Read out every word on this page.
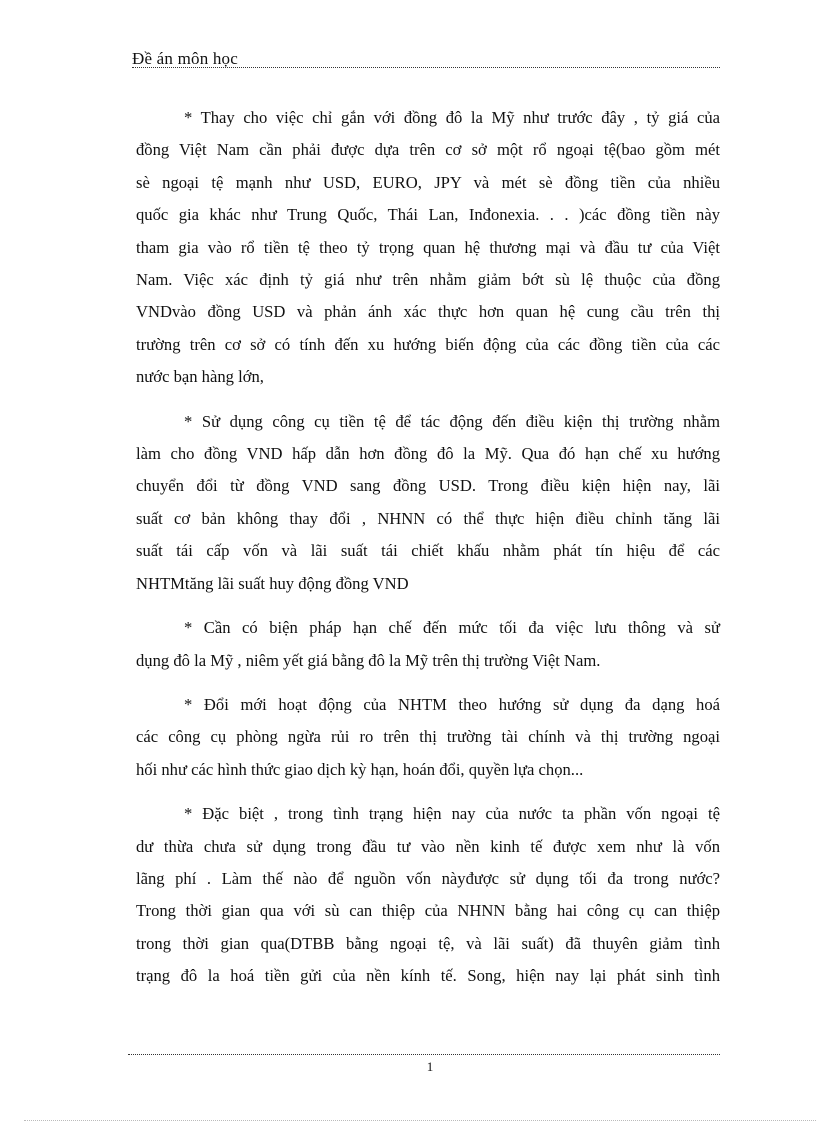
Đề án môn học

* Thay cho việc chỉ gắn với đồng đô la Mỹ như trước đây , tỷ giá của
đồng Việt Nam cần phải được dựa trên cơ sở một rổ ngoại tệ(bao gồm mét
sè ngoại tệ mạnh như USD, EURO, JPY và mét sè đồng tiền của nhiều
quốc gia khác như Trung Quốc, Thái Lan, Inđonexia. . . )các đồng tiền này
tham gia vào rổ tiền tệ theo tỷ trọng quan hệ thương mại và đầu tư của Việt
Nam. Việc xác định tỷ giá như trên nhằm giảm bớt sù lệ thuộc của đồng
VNDvào đồng USD và phản ánh xác thực hơn quan hệ cung cầu trên thị
trường trên cơ sở có tính đến xu hướng biến động của các đồng tiền của các
nước bạn hàng lớn,

* Sử dụng công cụ tiền tệ để tác động đến điều kiện thị trường nhằm
làm cho đồng VND hấp dẫn hơn đồng đô la Mỹ. Qua đó hạn chế xu hướng
chuyển đổi từ đồng VND sang đồng USD. Trong điều kiện hiện nay, lãi
suất cơ bản không thay đổi , NHNN có thể thực hiện điều chỉnh tăng lãi
suất tái cấp vốn và lãi suất tái chiết khấu nhằm phát tín hiệu để các
NHTMtăng lãi suất huy động đồng VND

* Cần có biện pháp hạn chế đến mức tối đa việc lưu thông và sử
dụng đô la Mỹ , niêm yết giá bằng đô la Mỹ trên thị trường Việt Nam.

* Đổi mới hoạt động của NHTM theo hướng sử dụng đa dạng hoá
các công cụ phòng ngừa rủi ro trên thị trường tài chính và thị trường ngoại
hối như các hình thức giao dịch kỳ hạn, hoán đổi, quyền lựa chọn...

* Đặc biệt , trong tình trạng hiện nay của nước ta phần vốn ngoại tệ
dư thừa chưa sử dụng trong đầu tư vào nền kinh tế được xem như là vốn
lãng phí . Làm thế nào để nguồn vốn nàyđược sử dụng tối đa trong nước?
Trong thời gian qua với sù can thiệp của NHNN bằng hai công cụ can thiệp
trong thời gian qua(DTBB bằng ngoại tệ, và lãi suất) đã thuyên giảm tình
trạng đô la hoá tiền gửi của nền kính tế. Song, hiện nay lại phát sinh tình

1
